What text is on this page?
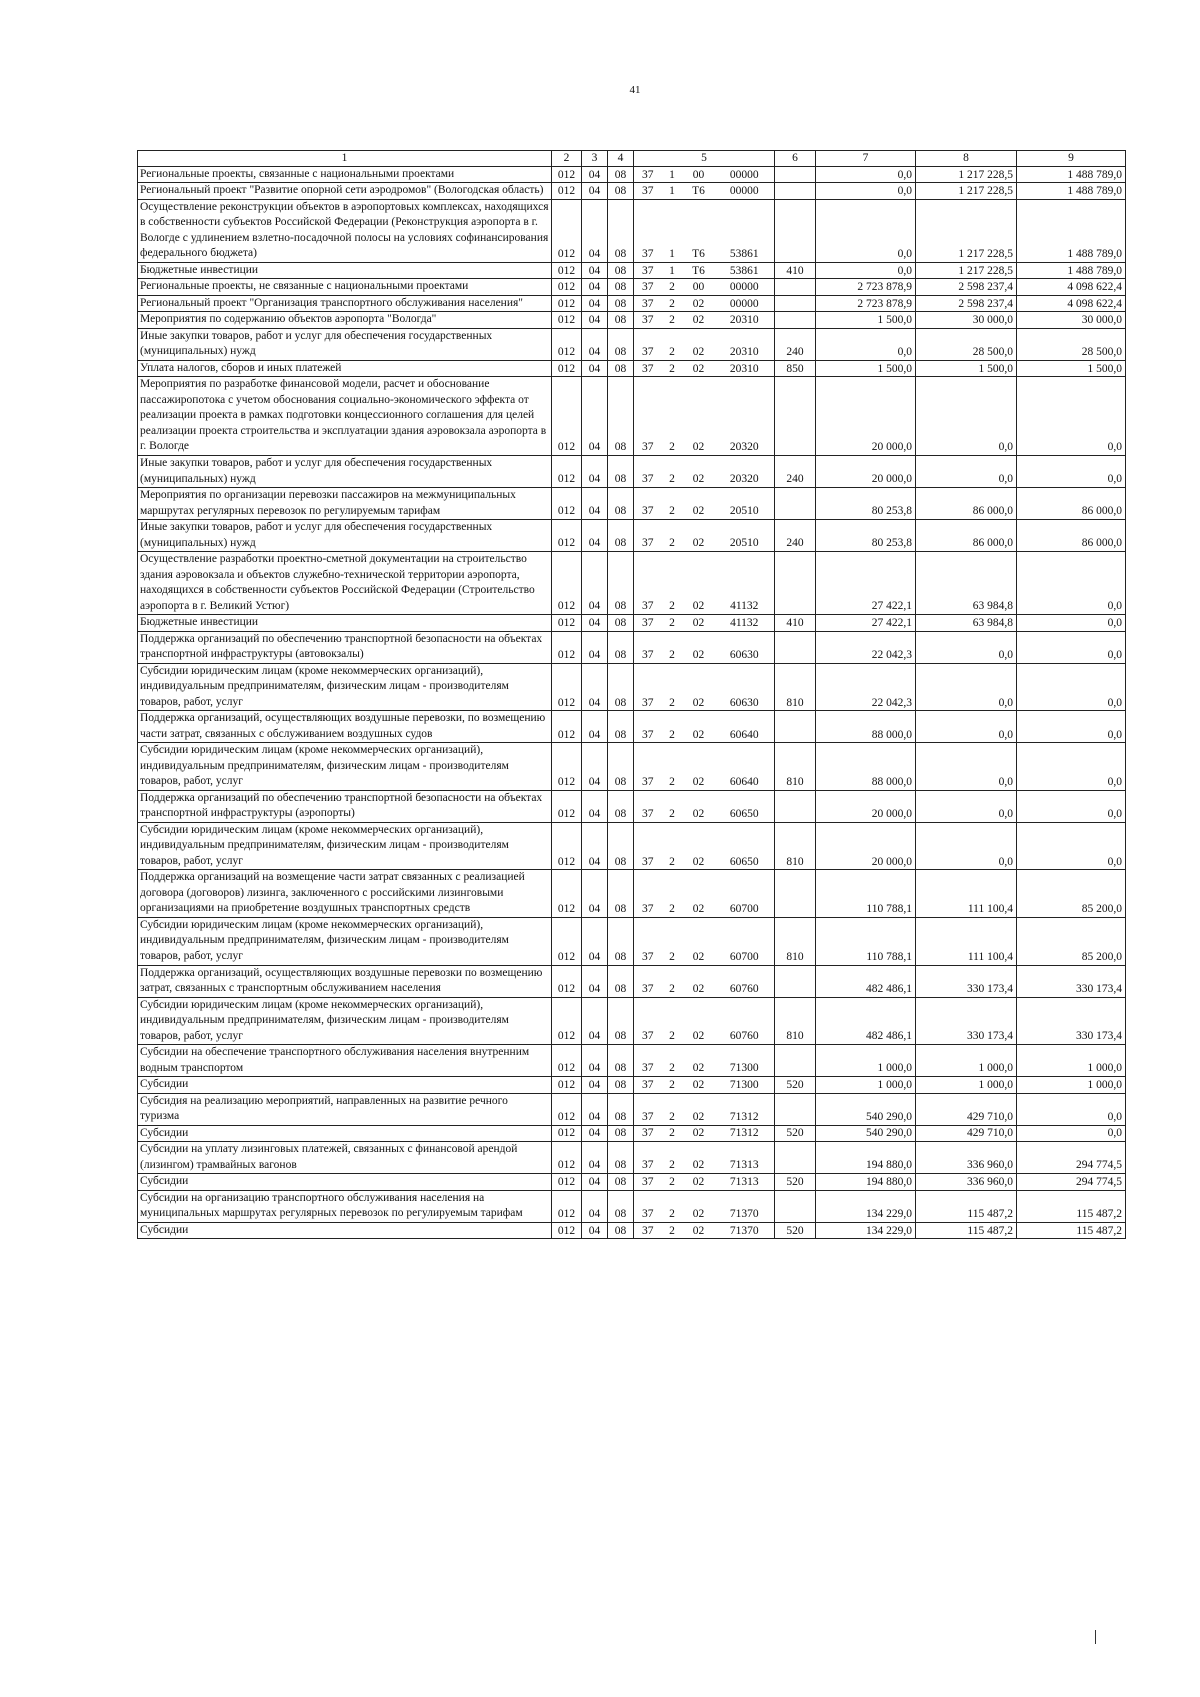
41
1	2	3	4	5				6	7	8	9
Региональные проекты, связанные с национальными проектами	012	04	08	37	1	00	00000		0,0	1 217 228,5	1 488 789,0
Региональный проект "Развитие опорной сети аэродромов" (Вологодская область)	012	04	08	37	1	Т6	00000		0,0	1 217 228,5	1 488 789,0
Осуществление реконструкции объектов в аэропортовых комплексах, находящихся в собственности субъектов Российской Федерации (Реконструкция аэропорта в г. Вологде с удлинением взлетно-посадочной полосы на условиях софинансирования федерального бюджета)	012	04	08	37	1	Т6	53861		0,0	1 217 228,5	1 488 789,0
Бюджетные инвестиции	012	04	08	37	1	Т6	53861	410	0,0	1 217 228,5	1 488 789,0
Региональные проекты, не связанные с национальными проектами	012	04	08	37	2	00	00000		2 723 878,9	2 598 237,4	4 098 622,4
Региональный проект "Организация транспортного обслуживания населения"	012	04	08	37	2	02	00000		2 723 878,9	2 598 237,4	4 098 622,4
Мероприятия по содержанию объектов аэропорта "Вологда"	012	04	08	37	2	02	20310		1 500,0	30 000,0	30 000,0
Иные закупки товаров, работ и услуг для обеспечения государственных (муниципальных) нужд	012	04	08	37	2	02	20310	240	0,0	28 500,0	28 500,0
Уплата налогов, сборов и иных платежей	012	04	08	37	2	02	20310	850	1 500,0	1 500,0	1 500,0
Мероприятия по разработке финансовой модели, расчет и обоснование пассажиропотока с учетом обоснования социально-экономического эффекта от реализации проекта в рамках подготовки концессионного соглашения для целей реализации проекта строительства и эксплуатации здания аэровокзала аэропорта в г. Вологде	012	04	08	37	2	02	20320		20 000,0	0,0	0,0
Иные закупки товаров, работ и услуг для обеспечения государственных (муниципальных) нужд	012	04	08	37	2	02	20320	240	20 000,0	0,0	0,0
Мероприятия по организации перевозки пассажиров на межмуниципальных маршрутах регулярных перевозок по регулируемым тарифам	012	04	08	37	2	02	20510		80 253,8	86 000,0	86 000,0
Иные закупки товаров, работ и услуг для обеспечения государственных (муниципальных) нужд	012	04	08	37	2	02	20510	240	80 253,8	86 000,0	86 000,0
Осуществление разработки проектно-сметной документации на строительство здания аэровокзала и объектов служебно-технической территории аэропорта, находящихся в собственности субъектов Российской Федерации (Строительство аэропорта в г. Великий Устюг)	012	04	08	37	2	02	41132		27 422,1	63 984,8	0,0
Бюджетные инвестиции	012	04	08	37	2	02	41132	410	27 422,1	63 984,8	0,0
Поддержка организаций по обеспечению транспортной безопасности на объектах транспортной инфраструктуры (автовокзалы)	012	04	08	37	2	02	60630		22 042,3	0,0	0,0
Субсидии юридическим лицам (кроме некоммерческих организаций), индивидуальным предпринимателям, физическим лицам - производителям товаров, работ, услуг	012	04	08	37	2	02	60630	810	22 042,3	0,0	0,0
Поддержка организаций, осуществляющих воздушные перевозки, по возмещению части затрат, связанных с обслуживанием воздушных судов	012	04	08	37	2	02	60640		88 000,0	0,0	0,0
Субсидии юридическим лицам (кроме некоммерческих организаций), индивидуальным предпринимателям, физическим лицам - производителям товаров, работ, услуг	012	04	08	37	2	02	60640	810	88 000,0	0,0	0,0
Поддержка организаций по обеспечению транспортной безопасности на объектах транспортной инфраструктуры (аэропорты)	012	04	08	37	2	02	60650		20 000,0	0,0	0,0
Субсидии юридическим лицам (кроме некоммерческих организаций), индивидуальным предпринимателям, физическим лицам - производителям товаров, работ, услуг	012	04	08	37	2	02	60650	810	20 000,0	0,0	0,0
Поддержка организаций на возмещение части затрат связанных с реализацией договора (договоров) лизинга, заключенного с российскими лизинговыми организациями на приобретение воздушных транспортных средств	012	04	08	37	2	02	60700		110 788,1	111 100,4	85 200,0
Субсидии юридическим лицам (кроме некоммерческих организаций), индивидуальным предпринимателям, физическим лицам - производителям товаров, работ, услуг	012	04	08	37	2	02	60700	810	110 788,1	111 100,4	85 200,0
Поддержка организаций, осуществляющих воздушные перевозки по возмещению затрат, связанных с транспортным обслуживанием населения	012	04	08	37	2	02	60760		482 486,1	330 173,4	330 173,4
Субсидии юридическим лицам (кроме некоммерческих организаций), индивидуальным предпринимателям, физическим лицам - производителям товаров, работ, услуг	012	04	08	37	2	02	60760	810	482 486,1	330 173,4	330 173,4
Субсидии на обеспечение транспортного обслуживания населения внутренним водным транспортом	012	04	08	37	2	02	71300		1 000,0	1 000,0	1 000,0
Субсидии	012	04	08	37	2	02	71300	520	1 000,0	1 000,0	1 000,0
Субсидия на реализацию мероприятий, направленных на развитие речного туризма	012	04	08	37	2	02	71312		540 290,0	429 710,0	0,0
Субсидии	012	04	08	37	2	02	71312	520	540 290,0	429 710,0	0,0
Субсидии на уплату лизинговых платежей, связанных с финансовой арендой (лизингом) трамвайных вагонов	012	04	08	37	2	02	71313		194 880,0	336 960,0	294 774,5
Субсидии	012	04	08	37	2	02	71313	520	194 880,0	336 960,0	294 774,5
Субсидии на организацию транспортного обслуживания населения на муниципальных маршрутах регулярных перевозок по регулируемым тарифам	012	04	08	37	2	02	71370		134 229,0	115 487,2	115 487,2
Субсидии	012	04	08	37	2	02	71370	520	134 229,0	115 487,2	115 487,2
